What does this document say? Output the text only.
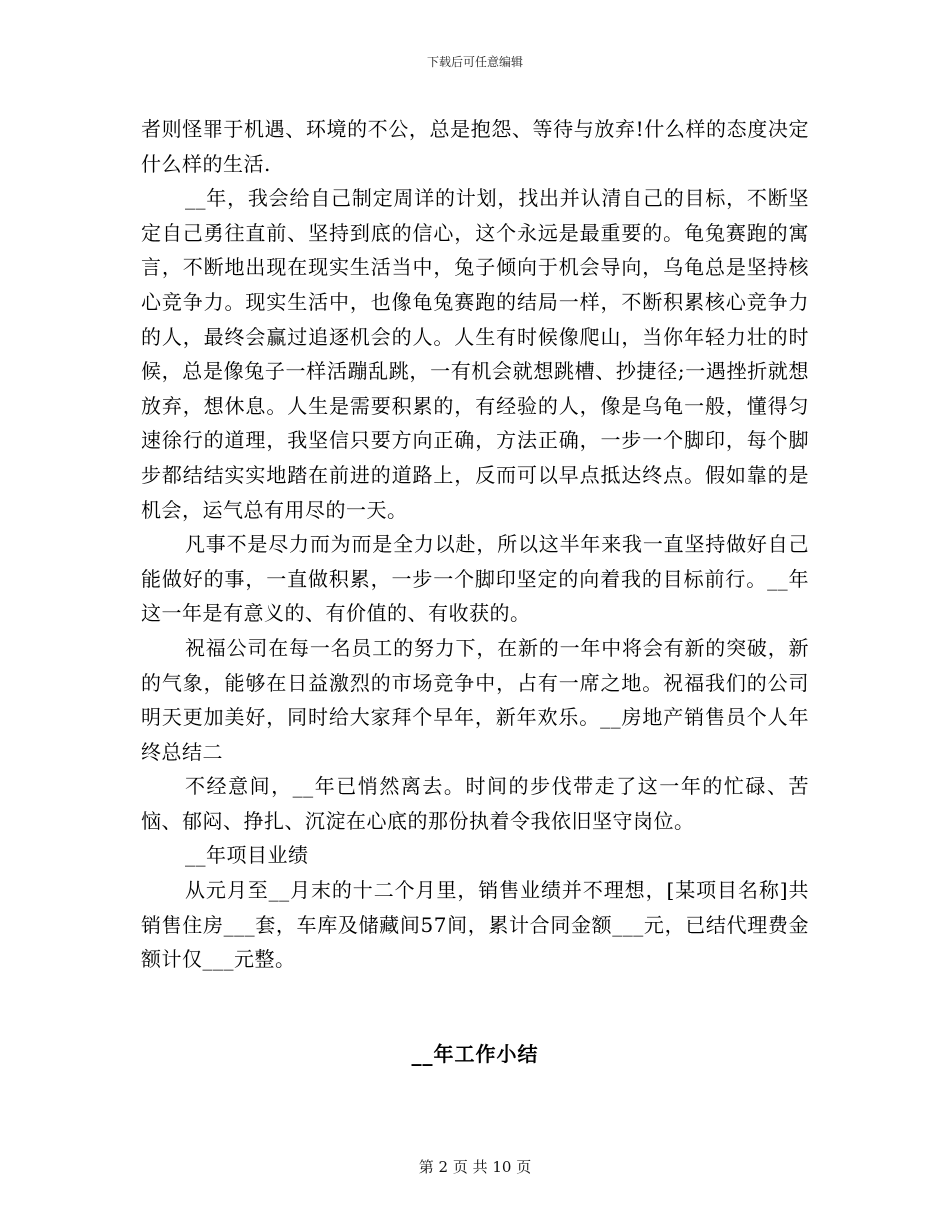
下载后可任意编辑

者则怪罪于机遇、环境的不公，总是抱怨、等待与放弃!什么样的态度决定什么样的生活.

__年，我会给自己制定周详的计划，找出并认清自己的目标，不断坚定自己勇往直前、坚持到底的信心，这个永远是最重要的。龟兔赛跑的寓言，不断地出现在现实生活当中，兔子倾向于机会导向，乌龟总是坚持核心竞争力。现实生活中，也像龟兔赛跑的结局一样，不断积累核心竞争力的人，最终会赢过追逐机会的人。人生有时候像爬山，当你年轻力壮的时候，总是像兔子一样活蹦乱跳，一有机会就想跳槽、抄捷径;一遇挫折就想放弃，想休息。人生是需要积累的，有经验的人，像是乌龟一般，懂得匀速徐行的道理，我坚信只要方向正确，方法正确，一步一个脚印，每个脚步都结结实实地踏在前进的道路上，反而可以早点抵达终点。假如靠的是机会，运气总有用尽的一天。

凡事不是尽力而为而是全力以赴，所以这半年来我一直坚持做好自己能做好的事，一直做积累，一步一个脚印坚定的向着我的目标前行。__年这一年是有意义的、有价值的、有收获的。

祝福公司在每一名员工的努力下，在新的一年中将会有新的突破，新的气象，能够在日益激烈的市场竞争中，占有一席之地。祝福我们的公司明天更加美好，同时给大家拜个早年，新年欢乐。__房地产销售员个人年终总结二

不经意间，__年已悄然离去。时间的步伐带走了这一年的忙碌、苦恼、郁闷、挣扎、沉淀在心底的那份执着令我依旧坚守岗位。

__年项目业绩

从元月至__月末的十二个月里，销售业绩并不理想，[某项目名称]共销售住房___套，车库及储藏间57间，累计合同金额___元，已结代理费金额计仅___元整。

__年工作小结
第 2 页 共 10 页
